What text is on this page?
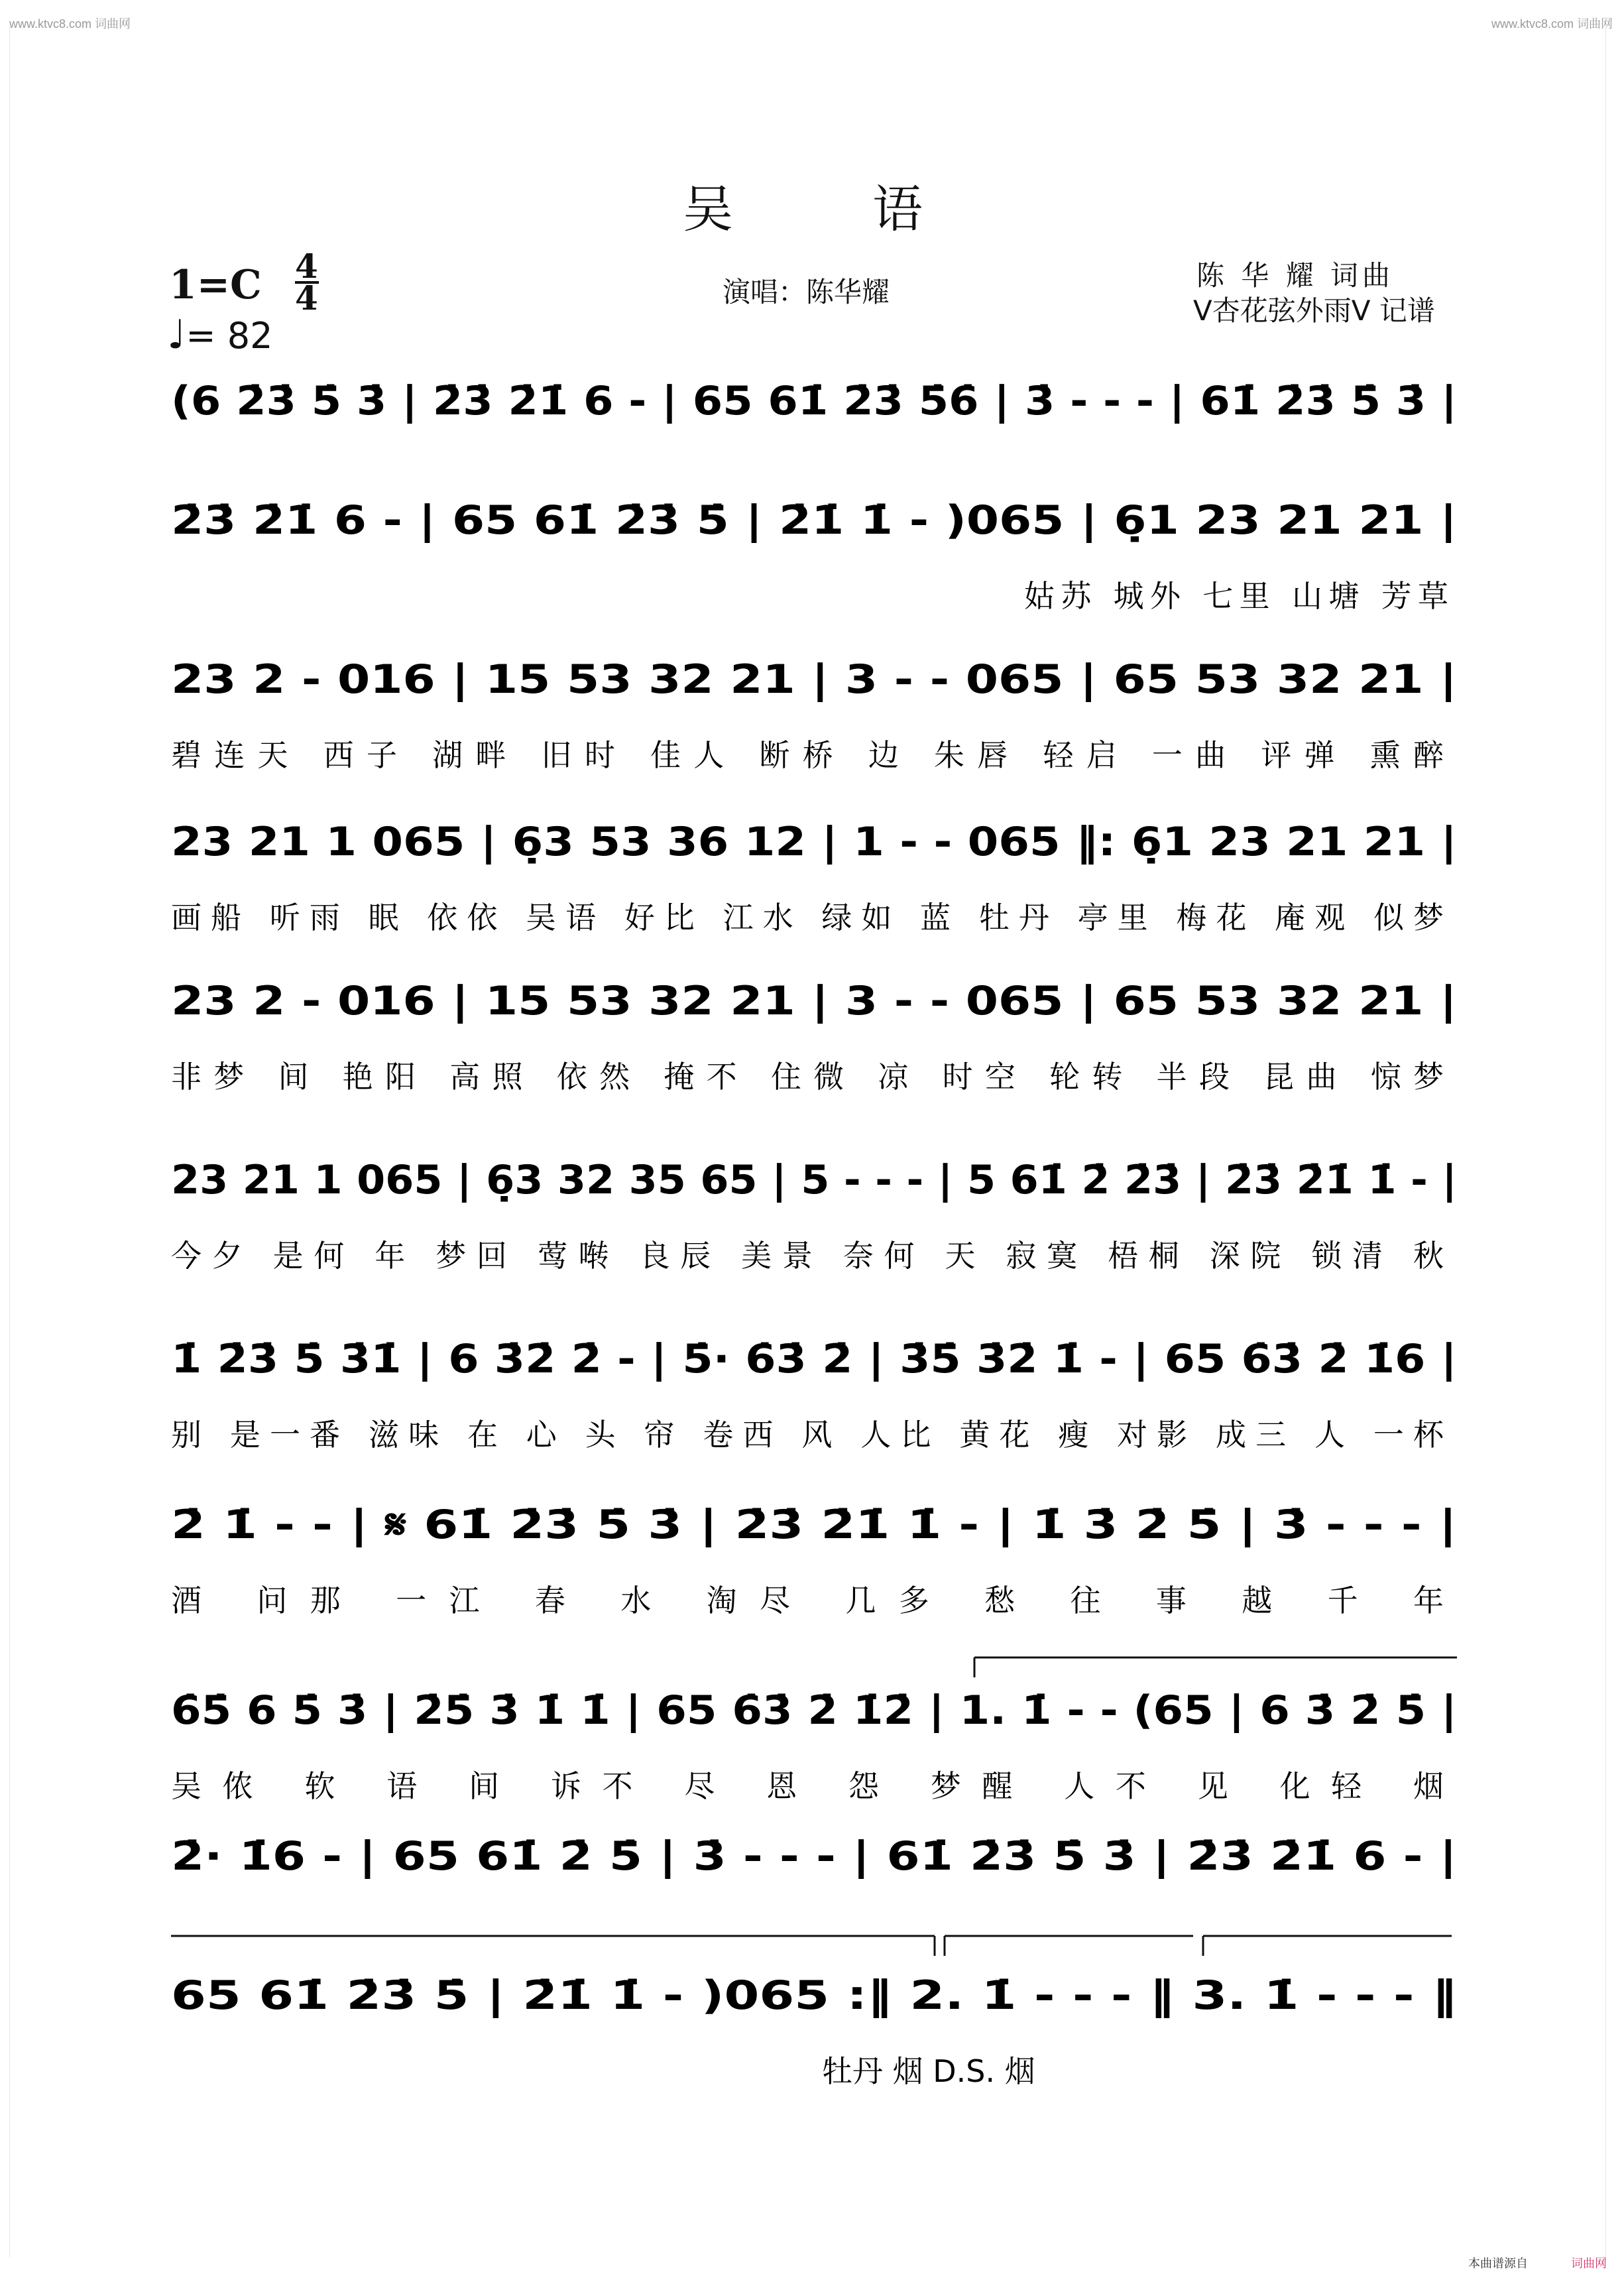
www.ktvc8.com 词曲网	www.ktvc8.com 词曲网
吴语
演唱：陈华耀
陈 华 耀 词曲
V杏花弦外雨V 记谱
1=C 4
4
♩= 82
(6 2̇3̇ 5̇ 3̇ | 2̇3̇ 2̇1̇ 6 - | 65 61̇ 2̇3̇ 5̇6̇ | 3̇ - - - | 61̇ 2̇3̇ 5̇ 3̇ |
2̇3̇ 2̇1̇ 6 - | 65 61̇ 2̇3̇ 5̇ | 2̇1̇ 1̇ - )065 | 6̣1 23 21 21 |
姑苏 城外 七里 山塘 芳草
23 2 - 016 | 15 53 32 21 | 3 - - 065 | 65 53 32 21 |
碧连天 西子 湖畔 旧时 佳人 断桥 边 朱唇 轻启 一曲 评弹 熏醉
23 21 1 065 | 6̣3 53 36 12 | 1 - - 065 ‖: 6̣1 23 21 21 |
画船 听雨 眠 依依 吴语 好比 江水 绿如 蓝 牡丹 亭里 梅花 庵观 似梦
23 2 - 016 | 15 53 32 21 | 3 - - 065 | 65 53 32 21 |
非梦 间 艳阳 高照 依然 掩不 住微 凉 时空 轮转 半段 昆曲 惊梦
23 21 1 065 | 6̣3 32 35 65 | 5 - - - | 5 61̇ 2̇ 2̇3̇ | 2̇3̇ 2̇1̇ 1̇ - |
今夕 是何 年 梦回 莺啭 良辰 美景 奈何 天 寂寞 梧桐 深院 锁清 秋
1̇ 2̇3̇ 5̇ 3̇1̇ | 6 3̇2̇ 2̇ - | 5̇· 6̇3̇ 2̇ | 3̇5̇ 3̇2̇ 1̇ - | 65 6̇3̇ 2̇ 1̇6 |
别 是一番 滋味 在 心 头 帘 卷西 风 人比 黄花 瘦 对影 成三 人 一杯
2̇ 1̇ - - | 𝄋 61̇ 2̇3̇ 5̇ 3̇ | 2̇3̇ 2̇1̇ 1̇ - | 1̇ 3̇ 2̇ 5̇ | 3̇ - - - |
酒 问那 一江 春 水 淘尽 几多 愁 往 事 越 千 年
6̇5̇ 6 5̇ 3̇ | 2̇5̇ 3̇ 1̇ 1̇ | 65 6̇3̇ 2̇ 1̇2̇ | 1. 1̇ - - (65 | 6 3̇ 2̇ 5̇ |
吴侬 软 语 间 诉不 尽 恩 怨 梦醒 人不 见 化轻 烟
2̇· 1̇6 - | 65 61̇ 2̇ 5̇ | 3̇ - - - | 61̇ 2̇3̇ 5̇ 3̇ | 2̇3̇ 2̇1̇ 6 - |
65 61̇ 2̇3̇ 5̇ | 2̇1̇ 1̇ - )065 :‖ 2. 1̇ - - - ‖ 3. 1̇ - - - ‖
牡丹 烟 D.S. 烟
本曲谱源自	词曲网
